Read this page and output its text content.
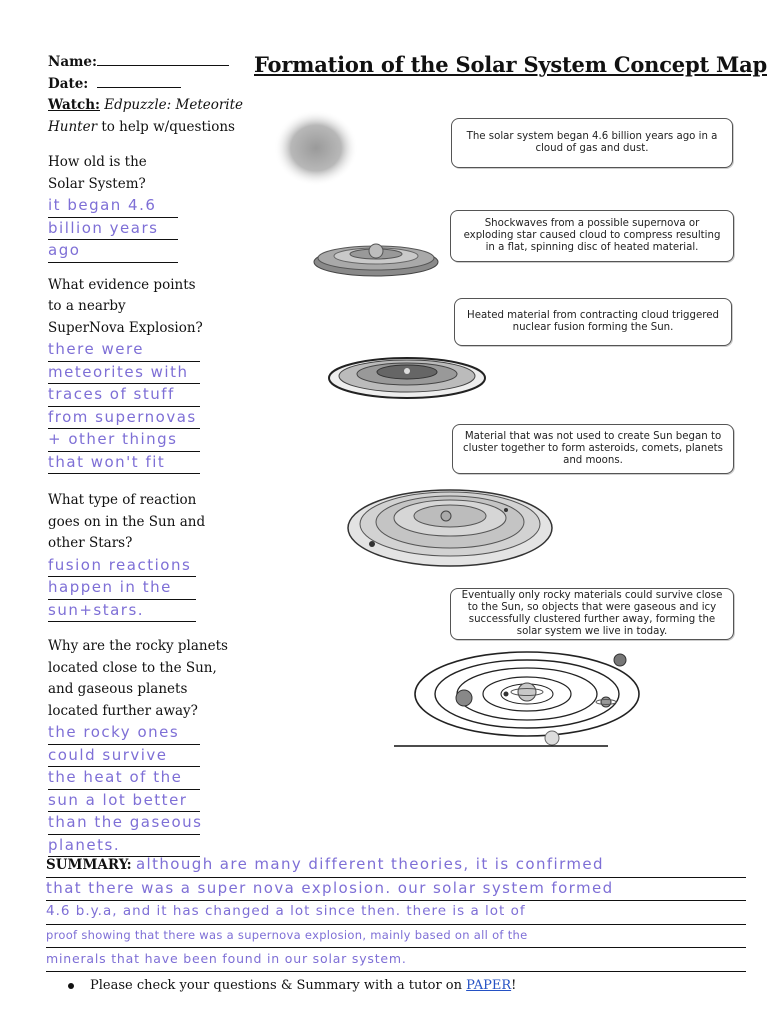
Name:
Date:
Watch: Edpuzzle: Meteorite
Hunter to help w/questions
How old is the
Solar System?
it began 4.6
billion years
ago
What evidence points
to a nearby
SuperNova Explosion?
there were
meteorites with
traces of stuff
from supernovas
+ other things
that won't fit
What type of reaction
goes on in the Sun and
other Stars?
fusion reactions
happen in the
sun+stars.
Why are the rocky planets
located close to the Sun,
and gaseous planets
located further away?
the rocky ones
could survive
the heat of the
sun a lot better
than the gaseous
planets.
Formation of the Solar System Concept Map
The solar system began 4.6 billion years ago in a cloud of gas and dust.
Shockwaves from a possible supernova or exploding star caused cloud to compress resulting in a flat, spinning disc of heated material.
Heated material from contracting cloud triggered nuclear fusion forming the Sun.
Material that was not used to create Sun began to cluster together to form asteroids, comets, planets and moons.
Eventually only rocky materials could survive close to the Sun, so objects that were gaseous and icy successfully clustered further away, forming the solar system we live in today.
SUMMARY: although are many different theories, it is confirmed
that there was a super nova explosion. our solar system formed
4.6 b.y.a, and it has changed a lot since then. there is a lot of
proof showing that there was a supernova explosion, mainly based on all of the
minerals that have been found in our solar system.
Please check your questions & Summary with a tutor on PAPER!
